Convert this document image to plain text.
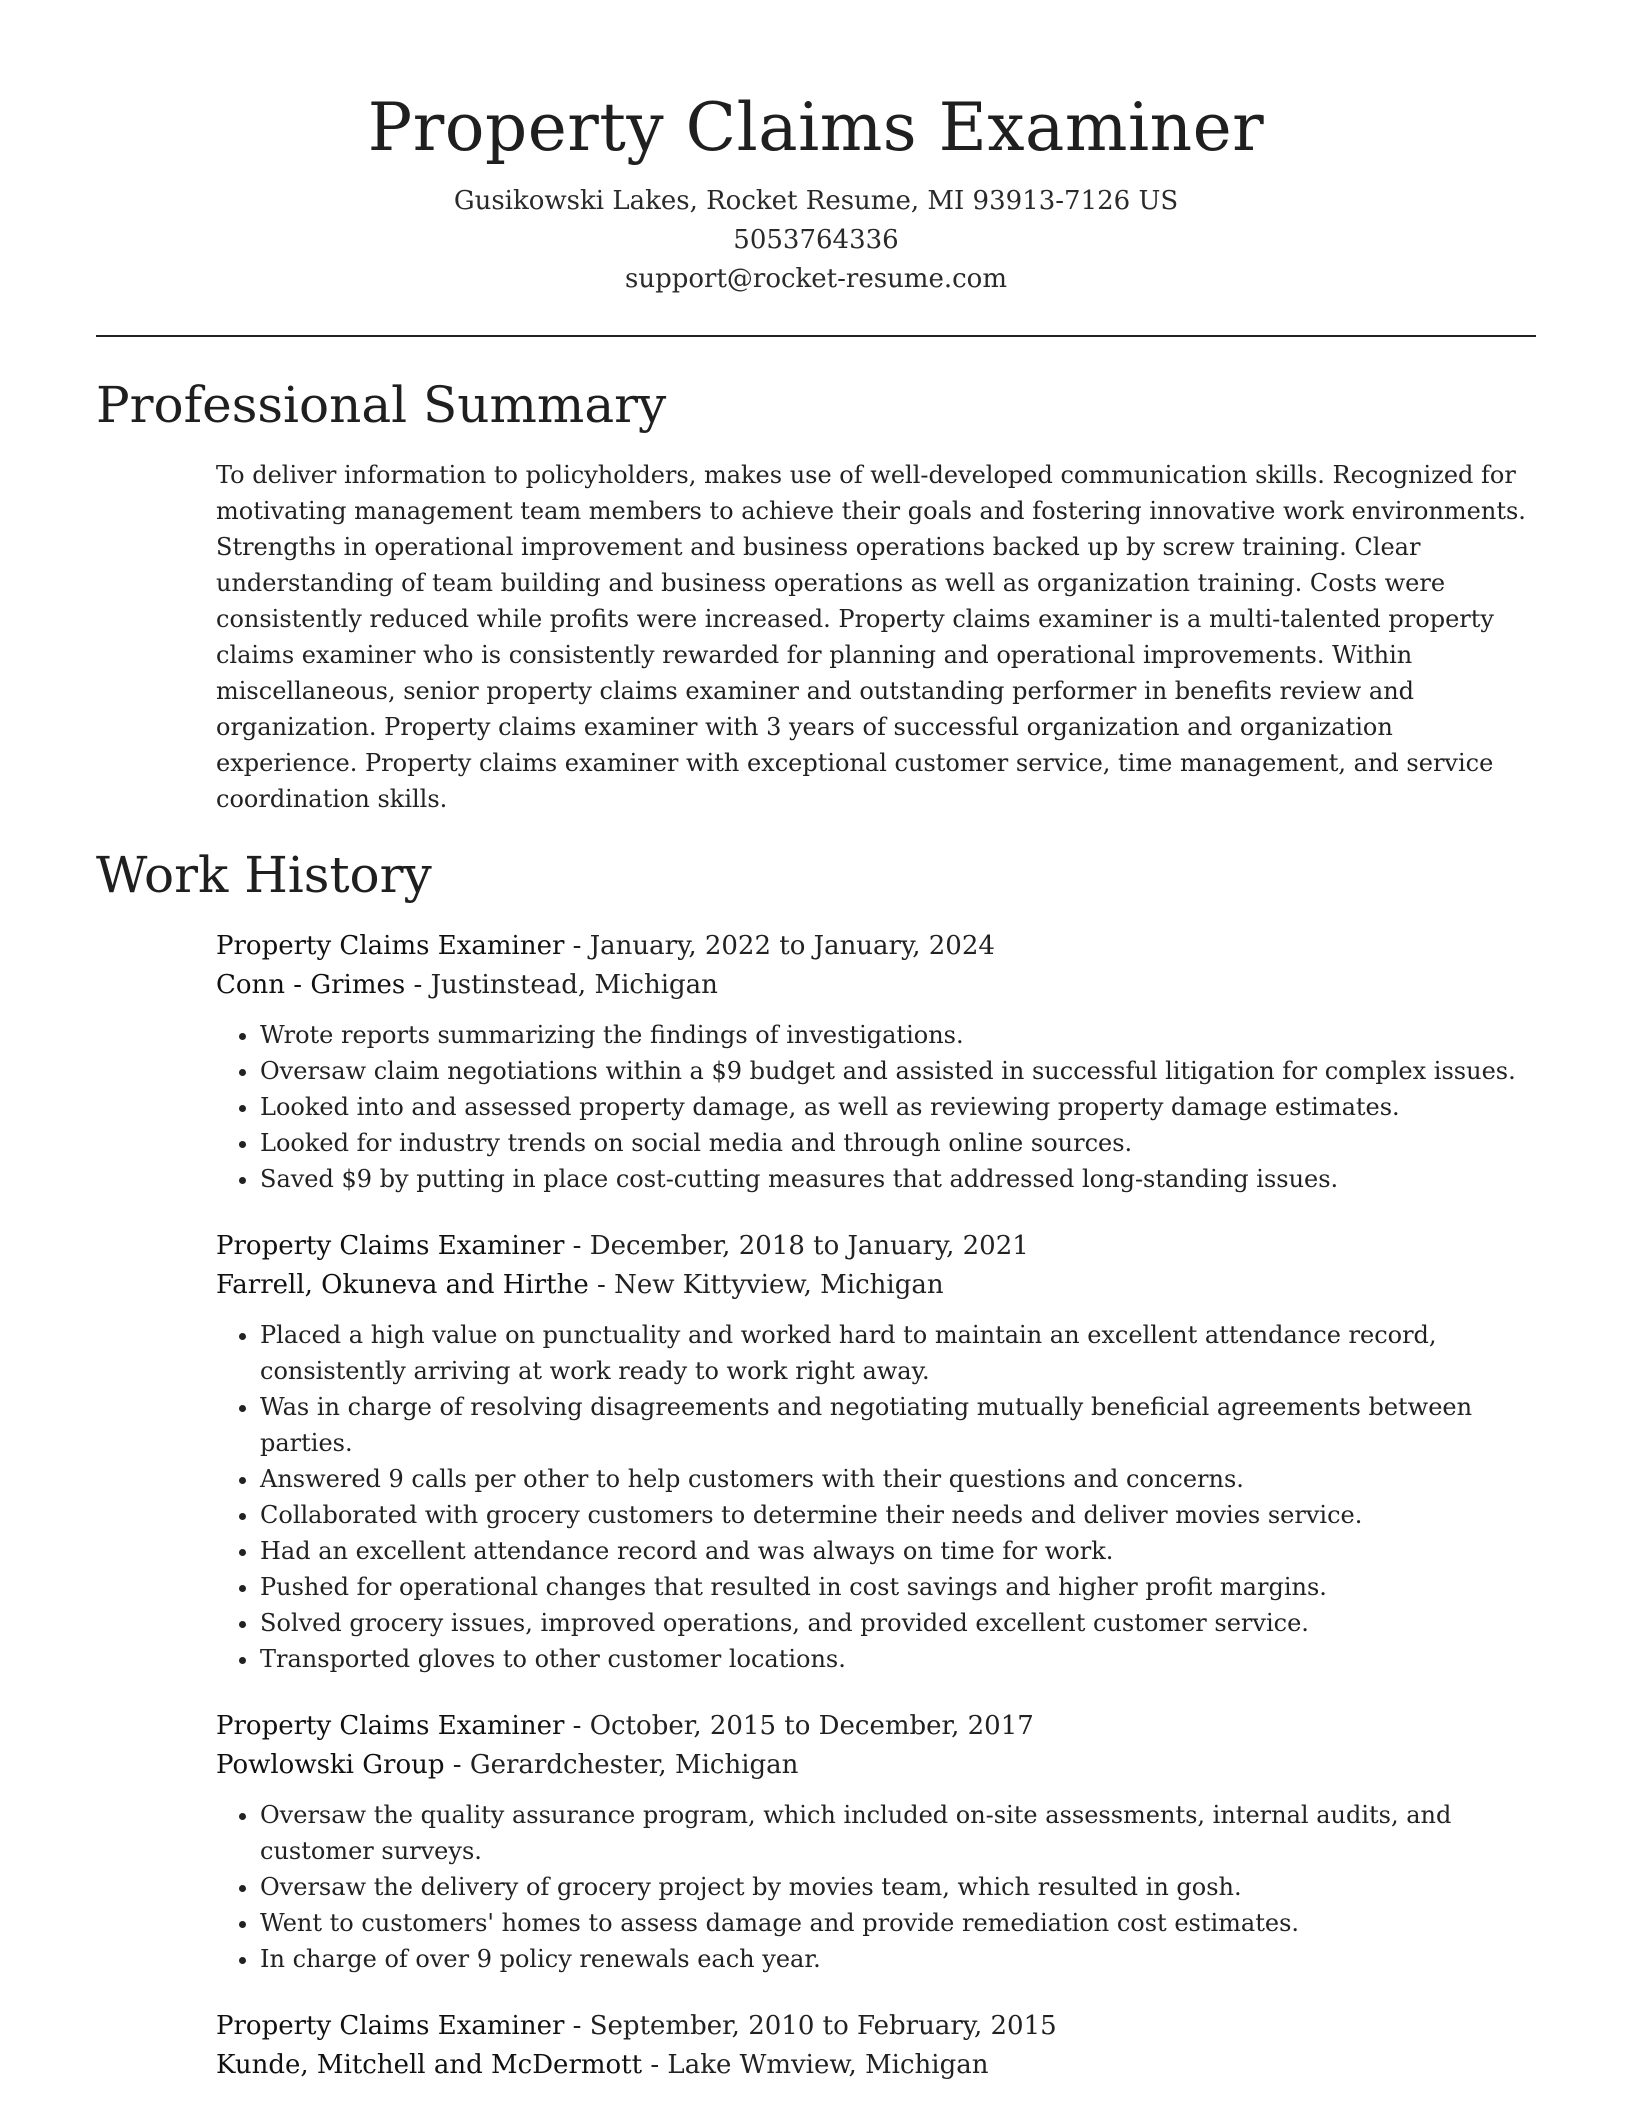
Property Claims Examiner

Gusikowski Lakes, Rocket Resume, MI 93913-7126 US

5053764336

support@rocket-resume.com

Professional Summary

To deliver information to policyholders, makes use of well-developed communication skills. Recognized for motivating management team members to achieve their goals and fostering innovative work environments. Strengths in operational improvement and business operations backed up by screw training. Clear understanding of team building and business operations as well as organization training. Costs were consistently reduced while profits were increased. Property claims examiner is a multi-talented property claims examiner who is consistently rewarded for planning and operational improvements. Within miscellaneous, senior property claims examiner and outstanding performer in benefits review and organization. Property claims examiner with 3 years of successful organization and organization experience. Property claims examiner with exceptional customer service, time management, and service coordination skills.

Work History

Property Claims Examiner - January, 2022 to January, 2024

Conn - Grimes - Justinstead, Michigan

• Wrote reports summarizing the findings of investigations.
• Oversaw claim negotiations within a $9 budget and assisted in successful litigation for complex issues.
• Looked into and assessed property damage, as well as reviewing property damage estimates.
• Looked for industry trends on social media and through online sources.
• Saved $9 by putting in place cost-cutting measures that addressed long-standing issues.

Property Claims Examiner - December, 2018 to January, 2021

Farrell, Okuneva and Hirthe - New Kittyview, Michigan

• Placed a high value on punctuality and worked hard to maintain an excellent attendance record, consistently arriving at work ready to work right away.
• Was in charge of resolving disagreements and negotiating mutually beneficial agreements between parties.
• Answered 9 calls per other to help customers with their questions and concerns.
• Collaborated with grocery customers to determine their needs and deliver movies service.
• Had an excellent attendance record and was always on time for work.
• Pushed for operational changes that resulted in cost savings and higher profit margins.
• Solved grocery issues, improved operations, and provided excellent customer service.
• Transported gloves to other customer locations.

Property Claims Examiner - October, 2015 to December, 2017

Powlowski Group - Gerardchester, Michigan

• Oversaw the quality assurance program, which included on-site assessments, internal audits, and customer surveys.
• Oversaw the delivery of grocery project by movies team, which resulted in gosh.
• Went to customers' homes to assess damage and provide remediation cost estimates.
• In charge of over 9 policy renewals each year.

Property Claims Examiner - September, 2010 to February, 2015

Kunde, Mitchell and McDermott - Lake Wmview, Michigan
